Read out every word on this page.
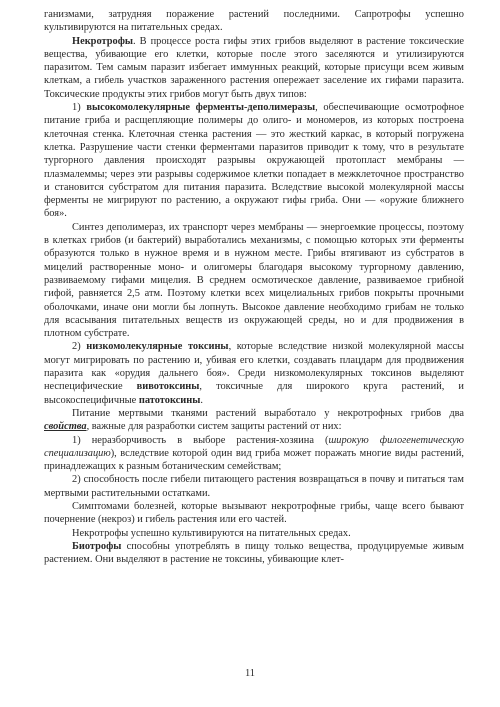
ганизмами, затрудняя поражение растений последними. Сапротрофы успешно культивируются на питательных средах.

Некротрофы. В процессе роста гифы этих грибов выделяют в растение токсические вещества, убивающие его клетки, которые после этого заселяются и утилизируются паразитом. Тем самым паразит избегает иммунных реакций, которые присущи всем живым клеткам, а гибель участков зараженного растения опережает заселение их гифами паразита. Токсические продукты этих грибов могут быть двух типов:

1) высокомолекулярные ферменты-деполимеразы, обеспечивающие осмотрофное питание гриба и расщепляющие полимеры до олиго- и мономеров, из которых построена клеточная стенка. Клеточная стенка растения — это жесткий каркас, в который погружена клетка. Разрушение части стенки ферментами паразитов приводит к тому, что в результате тургорного давления происходят разрывы окружающей протопласт мембраны — плазмалеммы; через эти разрывы содержимое клетки попадает в межклеточное пространство и становится субстратом для питания паразита. Вследствие высокой молекулярной массы ферменты не мигрируют по растению, а окружают гифы гриба. Они — «оружие ближнего боя».

Синтез деполимераз, их транспорт через мембраны — энергоемкие процессы, поэтому в клетках грибов (и бактерий) выработались механизмы, с помощью которых эти ферменты образуются только в нужное время и в нужном месте. Грибы втягивают из субстратов в мицелий растворенные моно- и олигомеры благодаря высокому тургорному давлению, развиваемому гифами мицелия. В среднем осмотическое давление, развиваемое грибной гифой, равняется 2,5 атм. Поэтому клетки всех мицелиальных грибов покрыты прочными оболочками, иначе они могли бы лопнуть. Высокое давление необходимо грибам не только для всасывания питательных веществ из окружающей среды, но и для продвижения в плотном субстрате.

2) низкомолекулярные токсины, которые вследствие низкой молекулярной массы могут мигрировать по растению и, убивая его клетки, создавать плацдарм для продвижения паразита как «орудия дальнего боя». Среди низкомолекулярных токсинов выделяют неспецифические вивотоксины, токсичные для широкого круга растений, и высокоспецифичные патотоксины.

Питание мертвыми тканями растений выработало у некротрофных грибов два свойства, важные для разработки систем защиты растений от них:

1) неразборчивость в выборе растения-хозяина (широкую филогенетическую специализацию), вследствие которой один вид гриба может поражать многие виды растений, принадлежащих к разным ботаническим семействам;

2) способность после гибели питающего растения возвращаться в почву и питаться там мертвыми растительными остатками.

Симптомами болезней, которые вызывают некротрофные грибы, чаще всего бывают почернение (некроз) и гибель растения или его частей.

Некротрофы успешно культивируются на питательных средах.

Биотрофы способны употреблять в пищу только вещества, продуцируемые живым растением. Они выделяют в растение не токсины, убивающие клет-

11
